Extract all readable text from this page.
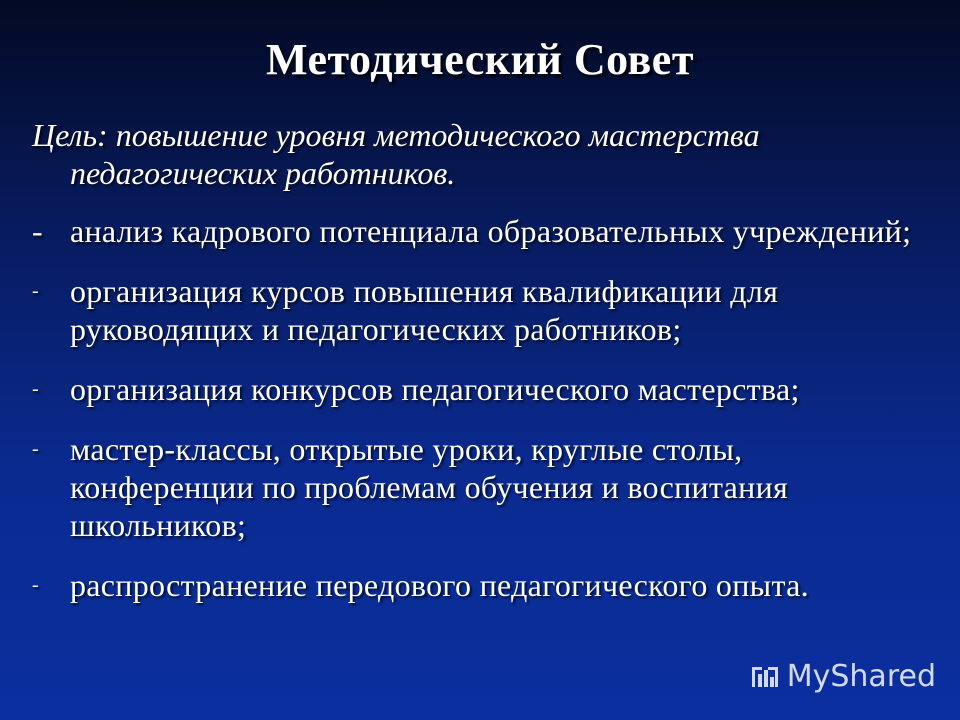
Методический Совет

Цель: повышение уровня методического мастерства педагогических работников.

- анализ кадрового потенциала образовательных учреждений;
- организация курсов повышения квалификации для руководящих и педагогических работников;
- организация конкурсов педагогического мастерства;
- мастер-классы, открытые уроки, круглые столы, конференции по проблемам обучения и воспитания школьников;
- распространение передового педагогического опыта.
MyShared
